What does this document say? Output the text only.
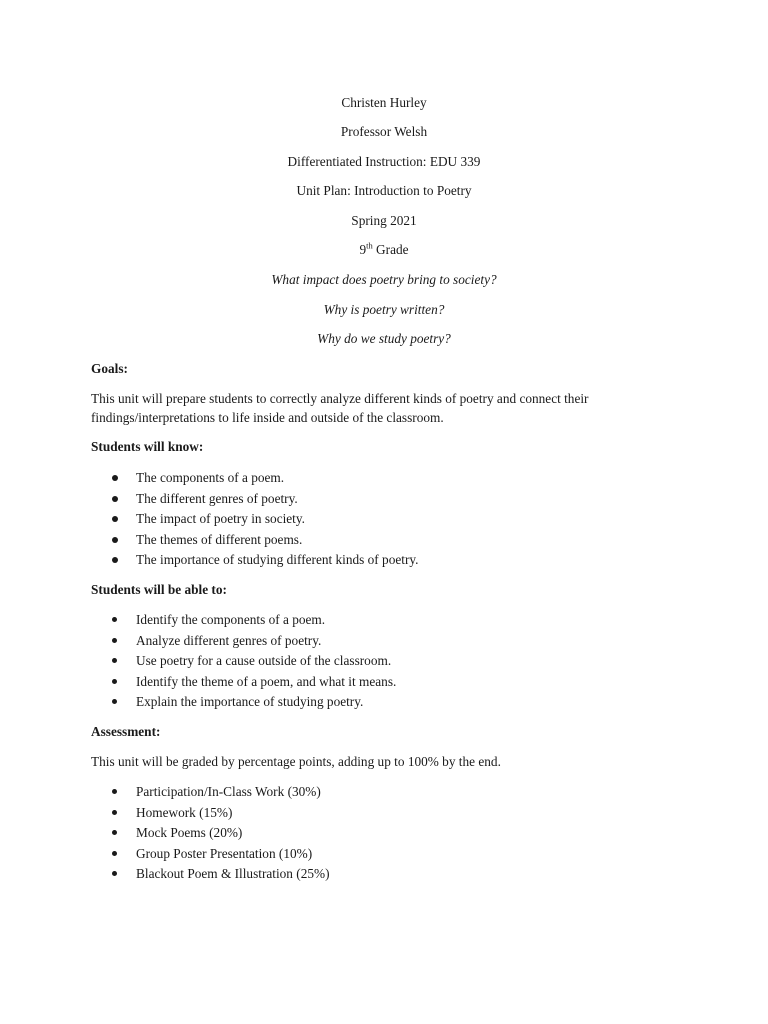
Christen Hurley
Professor Welsh
Differentiated Instruction: EDU 339
Unit Plan: Introduction to Poetry
Spring 2021
9th Grade
What impact does poetry bring to society?
Why is poetry written?
Why do we study poetry?
Goals:
This unit will prepare students to correctly analyze different kinds of poetry and connect their
findings/interpretations to life inside and outside of the classroom.
Students will know:
The components of a poem.
The different genres of poetry.
The impact of poetry in society.
The themes of different poems.
The importance of studying different kinds of poetry.
Students will be able to:
Identify the components of a poem.
Analyze different genres of poetry.
Use poetry for a cause outside of the classroom.
Identify the theme of a poem, and what it means.
Explain the importance of studying poetry.
Assessment:
This unit will be graded by percentage points, adding up to 100% by the end.
Participation/In-Class Work (30%)
Homework (15%)
Mock Poems (20%)
Group Poster Presentation (10%)
Blackout Poem & Illustration (25%)
